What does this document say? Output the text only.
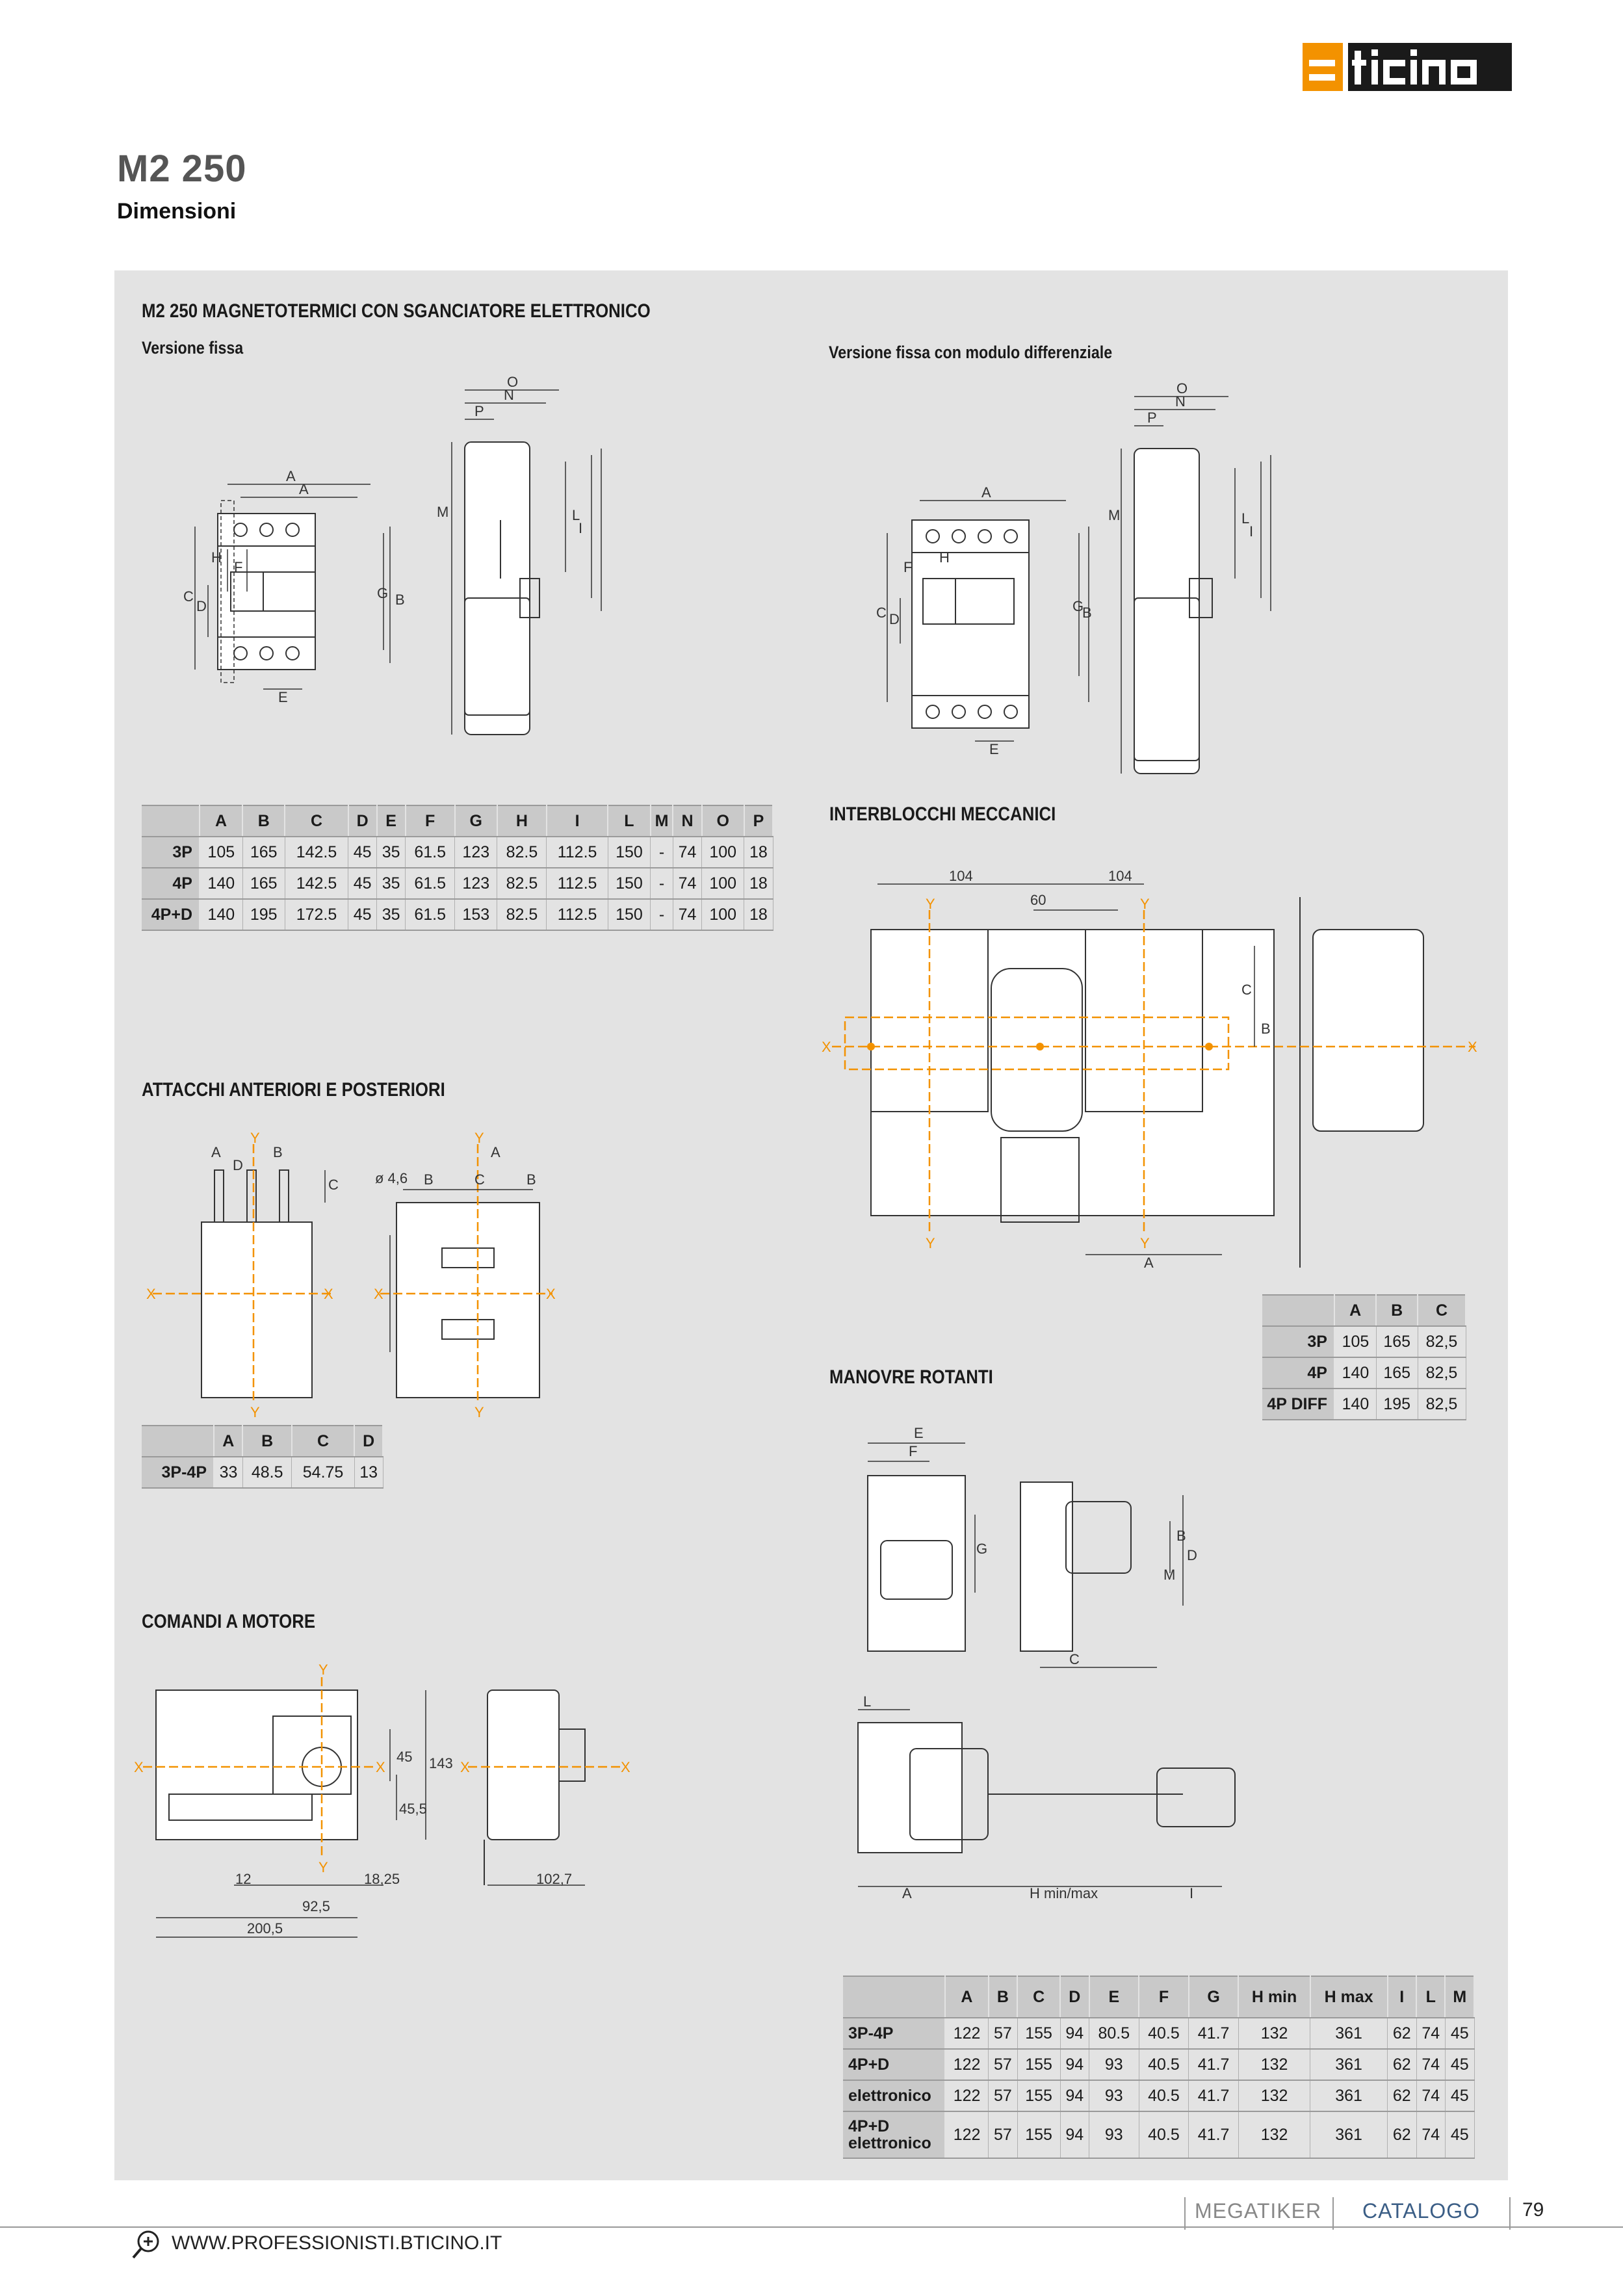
M2 250
Dimensioni
M2 250 MAGNETOTERMICI CON SGANCIATORE ELETTRONICO
Versione fissa	Versione fissa con modulo differenziale
A
A
C
D
H
F
G B
O
N
P
M	L
I
E
A
C D
H
F
G
B
O
N
P
M	L
I
E
	A	B	C	D	E	F	G	H	I	L	M	N	O	P
3P	105	165	142.5	45	35	61.5	123	82.5	112.5	150	-	74	100	18
4P	140	165	142.5	45	35	61.5	123	82.5	112.5	150	-	74	100	18
4P+D	140	195	172.5	45	35	61.5	153	82.5	112.5	150	-	74	100	18
INTERBLOCCHI MECCANICI
104	104
60
C
B
A
X	X
Y	Y
Y	Y
	A	B	C
3P	105	165	82,5
4P	140	165	82,5
4P DIFF	140	195	82,5
ATTACCHI ANTERIORI E POSTERIORI
A	B
D
C	ø 4,6 B	C	B
A
X	X
Y
Y
X	X
Y
Y
	A	B	C	D
3P-4P	33	48.5	54.75	13
MANOVRE ROTANTI
E
F
G
M
B
D
C
L
A	H min/max	I
	A	B	C	D	E	F	G	H min	H max	I	L	M
3P-4P	122	57	155	94	80.5	40.5	41.7	132	361	62	74	45
4P+D	122	57	155	94	93	40.5	41.7	132	361	62	74	45
elettronico	122	57	155	94	93	40.5	41.7	132	361	62	74	45
4P+D elettronico	122	57	155	94	93	40.5	41.7	132	361	62	74	45
COMANDI A MOTORE
45 143
45,5
12	18,25
92,5
200,5
102,7
X	X
Y
Y
X	X
MEGATIKER CATALOGO 79
WWW.PROFESSIONISTI.BTICINO.IT
